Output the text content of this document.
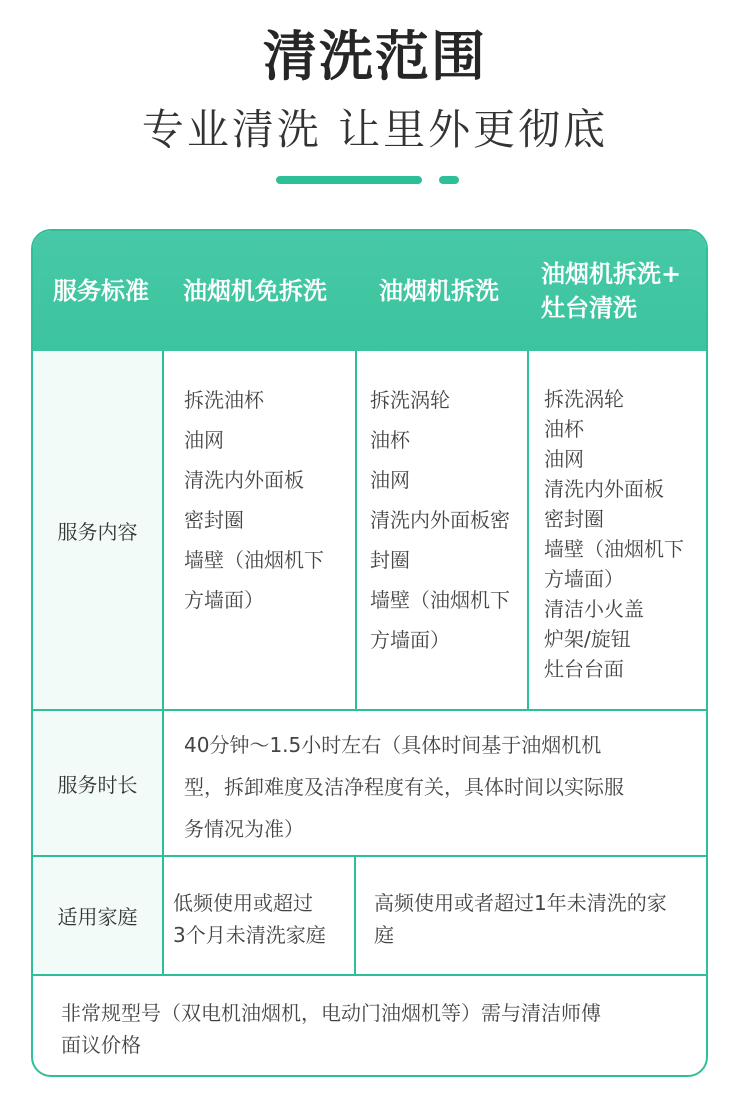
清洗范围
专业清洗 让里外更彻底
服务标准 油烟机免拆洗 油烟机拆洗
油烟机拆洗+
灶台清洗
服务内容
服务时长
适用家庭
拆洗油杯
油网
清洗内外面板
密封圈
墙壁（油烟机下
方墙面）
拆洗涡轮
油杯
油网
清洗内外面板密
封圈
墙壁（油烟机下
方墙面）
拆洗涡轮
油杯
油网
清洗内外面板
密封圈
墙壁（油烟机下
方墙面）
清洁小火盖
炉架/旋钮
灶台台面
40分钟～1.5小时左右（具体时间基于油烟机机
型，拆卸难度及洁净程度有关，具体时间以实际服
务情况为准）
低频使用或超过
3个月未清洗家庭
高频使用或者超过1年未清洗的家
庭
非常规型号（双电机油烟机，电动门油烟机等）需与清洁师傅
面议价格
